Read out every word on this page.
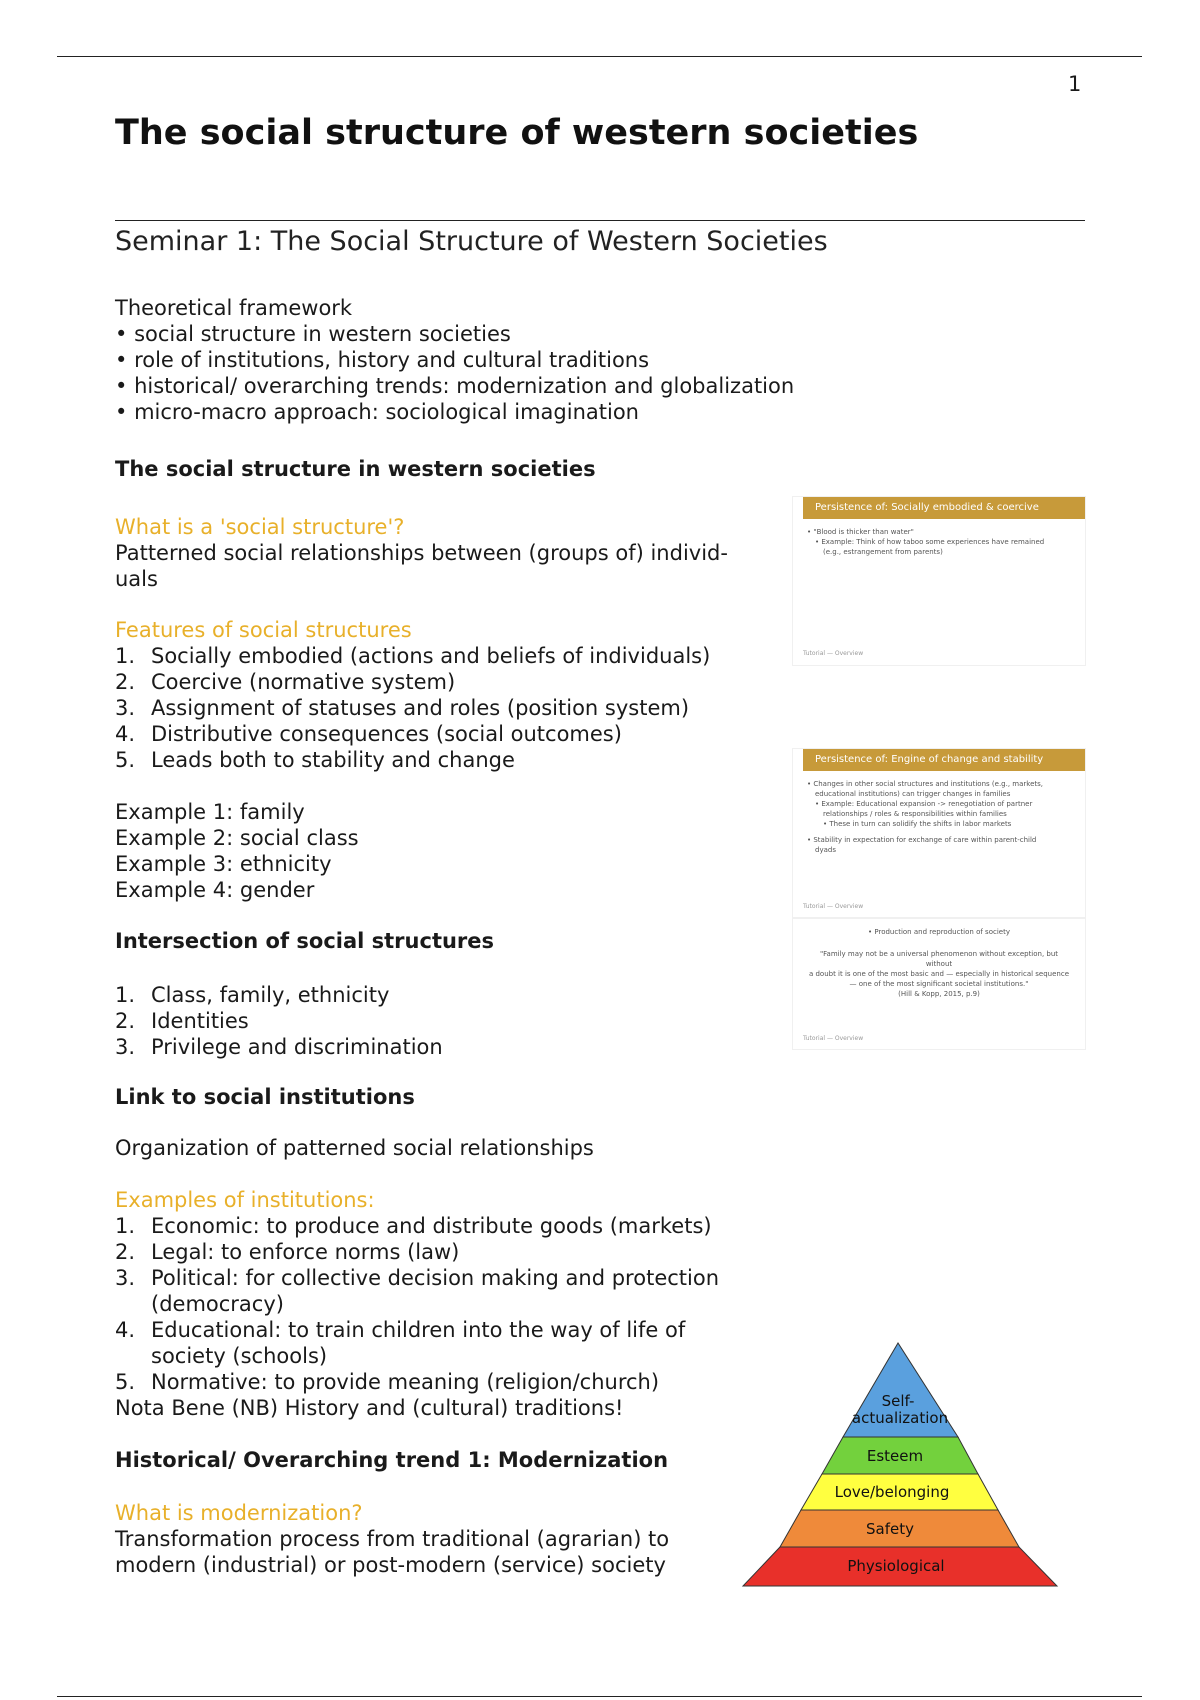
1
The social structure of western societies
Seminar 1: The Social Structure of Western Societies
Theoretical framework
• social structure in western societies
• role of institutions, history and cultural traditions
• historical/ overarching trends: modernization and globalization
• micro-macro approach: sociological imagination
The social structure in western societies
What is a 'social structure'?
Patterned social relationships between (groups of) individ-
uals
Features of social structures
1. Socially embodied (actions and beliefs of individuals)
2. Coercive (normative system)
3. Assignment of statuses and roles (position system)
4. Distributive consequences (social outcomes)
5. Leads both to stability and change
Example 1: family
Example 2: social class
Example 3: ethnicity
Example 4: gender
Intersection of social structures
1. Class, family, ethnicity
2. Identities
3. Privilege and discrimination
Link to social institutions
Organization of patterned social relationships
Examples of institutions:
1. Economic: to produce and distribute goods (markets)
2. Legal: to enforce norms (law)
3. Political: for collective decision making and protection (democracy)
4. Educational: to train children into the way of life of society (schools)
5. Normative: to provide meaning (religion/church)
Nota Bene (NB) History and (cultural) traditions!
Historical/ Overarching trend 1: Modernization
What is modernization?
Transformation process from traditional (agrarian) to
modern (industrial) or post-modern (service) society
Persistence of: Socially embodied & coercive
• "Blood is thicker than water"
• Example: Think of how taboo some experiences have remained
(e.g., estrangement from parents)
Tutorial — Overview
Persistence of: Engine of change and stability
• Changes in other social structures and institutions (e.g., markets,
educational institutions) can trigger changes in families
• Example: Educational expansion -> renegotiation of partner
relationships / roles & responsibilities within families
• These in turn can solidify the shifts in labor markets
• Stability in expectation for exchange of care within parent-child
dyads
Tutorial — Overview
• Production and reproduction of society
"Family may not be a universal phenomenon without exception, but without
a doubt it is one of the most basic and — especially in historical sequence
— one of the most significant societal institutions."
(Hill & Kopp, 2015, p.9)
Tutorial — Overview
Self-
actualization
Esteem
Love/belonging
Safety
Physiological
